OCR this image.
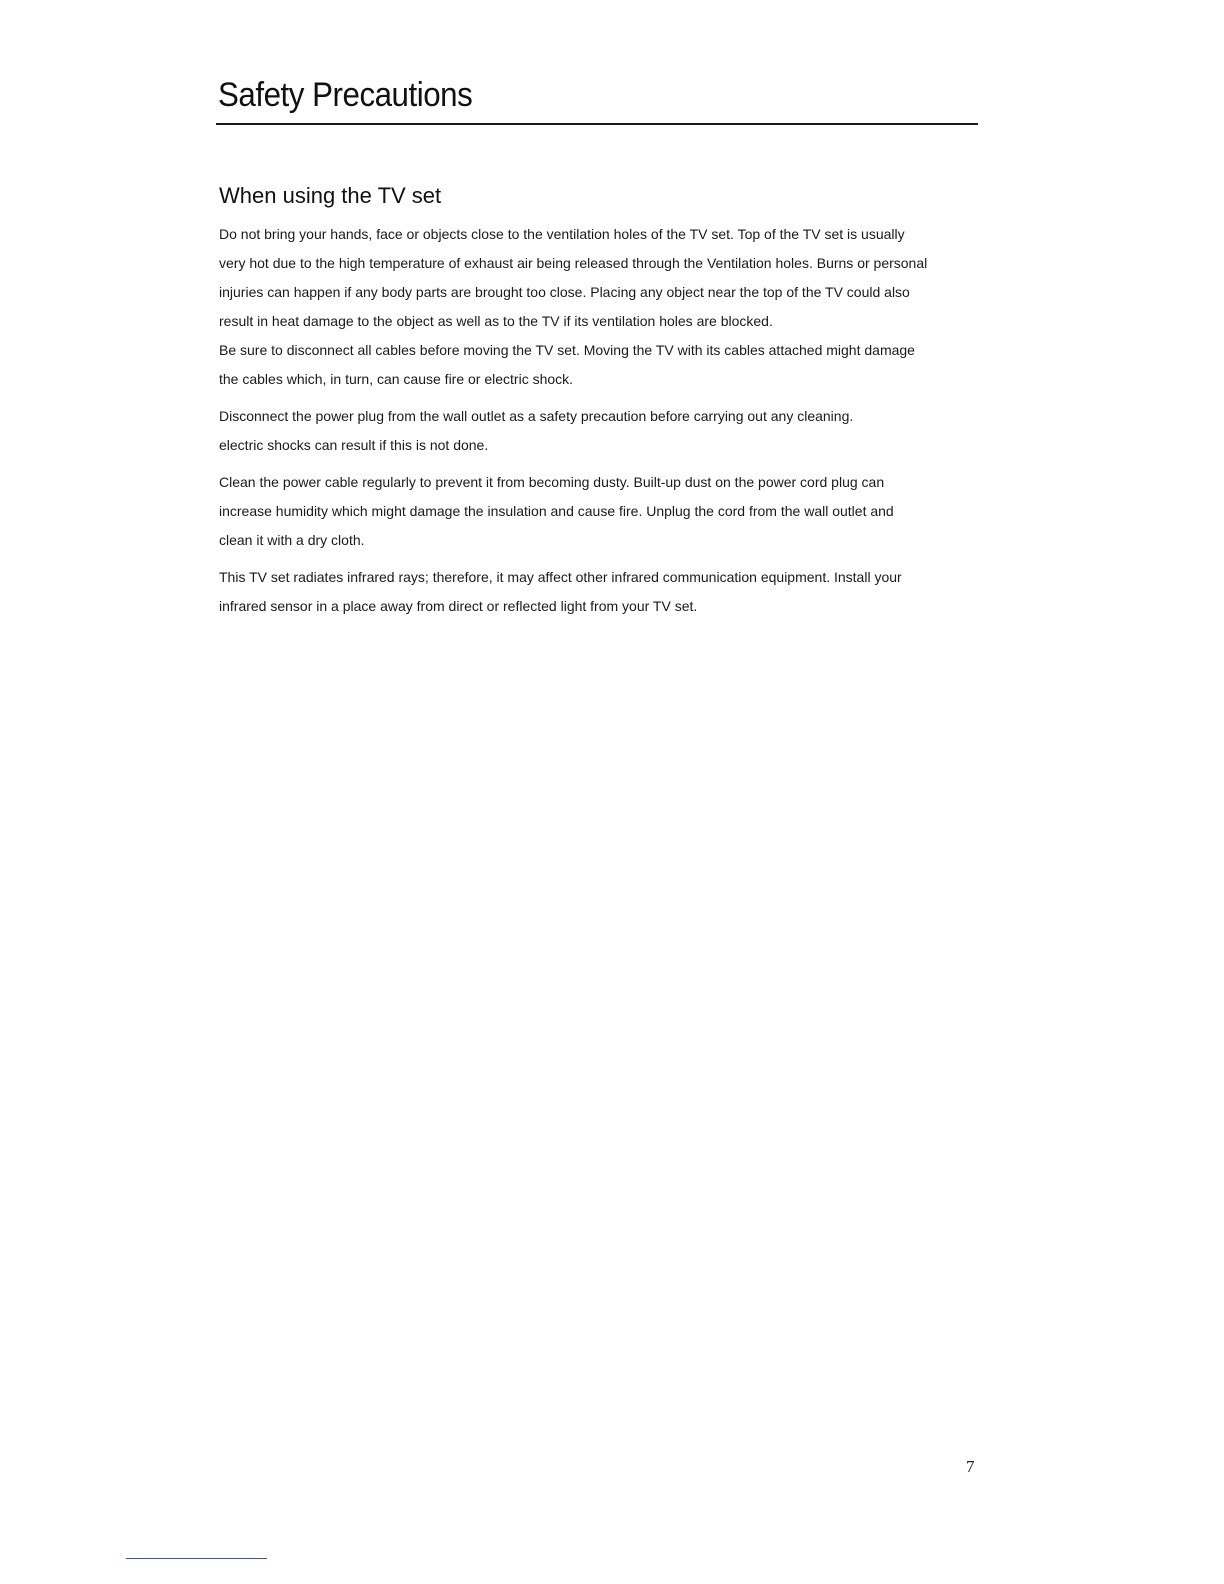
Safety Precautions
When using the TV set

Do not bring your hands, face or objects close to the ventilation holes of the TV set. Top of the TV set is usually
very hot due to the high temperature of exhaust air being released through the Ventilation holes. Burns or personal
injuries can happen if any body parts are brought too close. Placing any object near the top of the TV could also
result in heat damage to the object as well as to the TV if its ventilation holes are blocked.

Be sure to disconnect all cables before moving the TV set. Moving the TV with its cables attached might damage
the cables which, in turn, can cause fire or electric shock.

Disconnect the power plug from the wall outlet as a safety precaution before carrying out any cleaning.
electric shocks can result if this is not done.

Clean the power cable regularly to prevent it from becoming dusty. Built-up dust on the power cord plug can
increase humidity which might damage the insulation and cause fire. Unplug the cord from the wall outlet and
clean it with a dry cloth.

This TV set radiates infrared rays; therefore, it may affect other infrared communication equipment. Install your
infrared sensor in a place away from direct or reflected light from your TV set.

7
